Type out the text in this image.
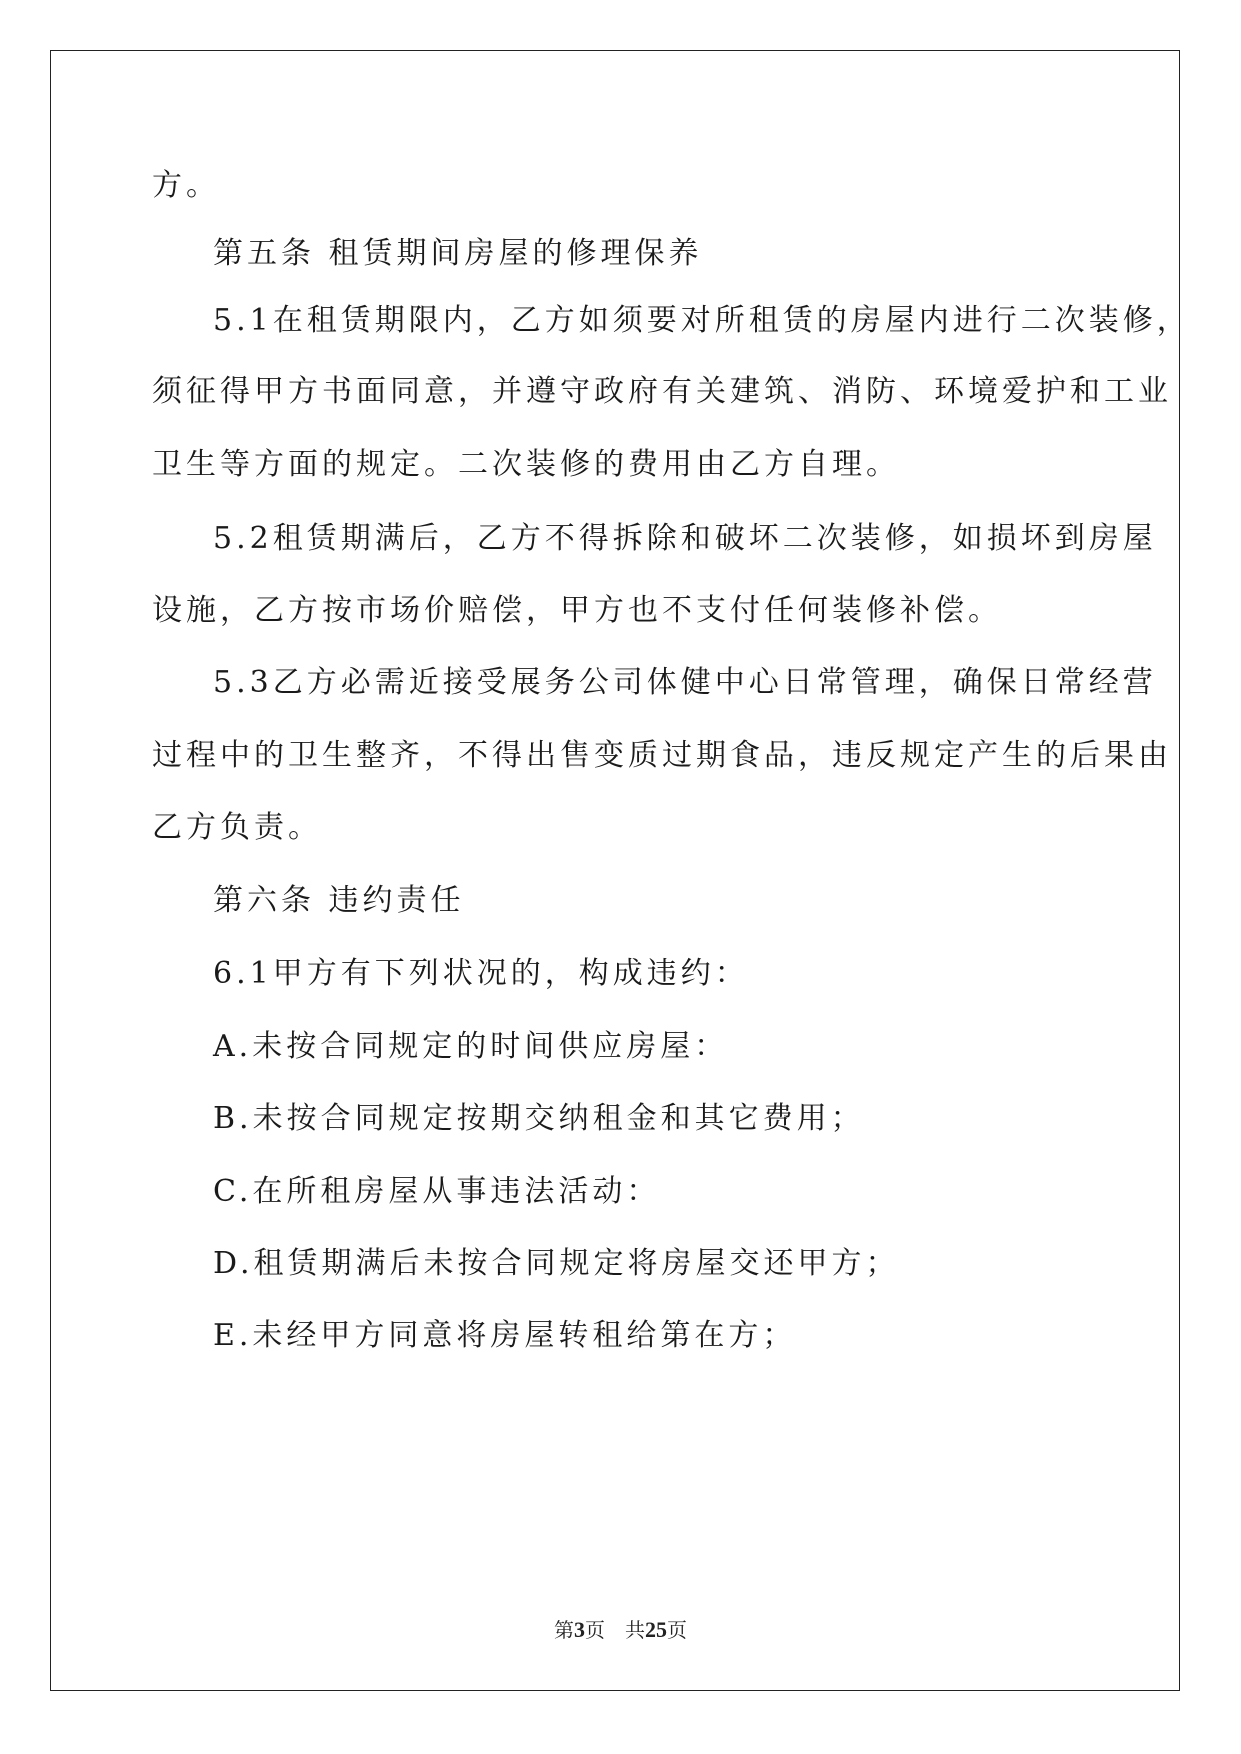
方。
第五条 租赁期间房屋的修理保养
5.1在租赁期限内，乙方如须要对所租赁的房屋内进行二次装修，
须征得甲方书面同意，并遵守政府有关建筑、消防、环境爱护和工业
卫生等方面的规定。二次装修的费用由乙方自理。
5.2租赁期满后，乙方不得拆除和破坏二次装修，如损坏到房屋
设施，乙方按市场价赔偿，甲方也不支付任何装修补偿。
5.3乙方必需近接受展务公司体健中心日常管理，确保日常经营
过程中的卫生整齐，不得出售变质过期食品，违反规定产生的后果由
乙方负责。
第六条 违约责任
6.1甲方有下列状况的，构成违约：
A.未按合同规定的时间供应房屋：
B.未按合同规定按期交纳租金和其它费用；
C.在所租房屋从事违法活动：
D.租赁期满后未按合同规定将房屋交还甲方；
E.未经甲方同意将房屋转租给第在方；
第3页 共25页
